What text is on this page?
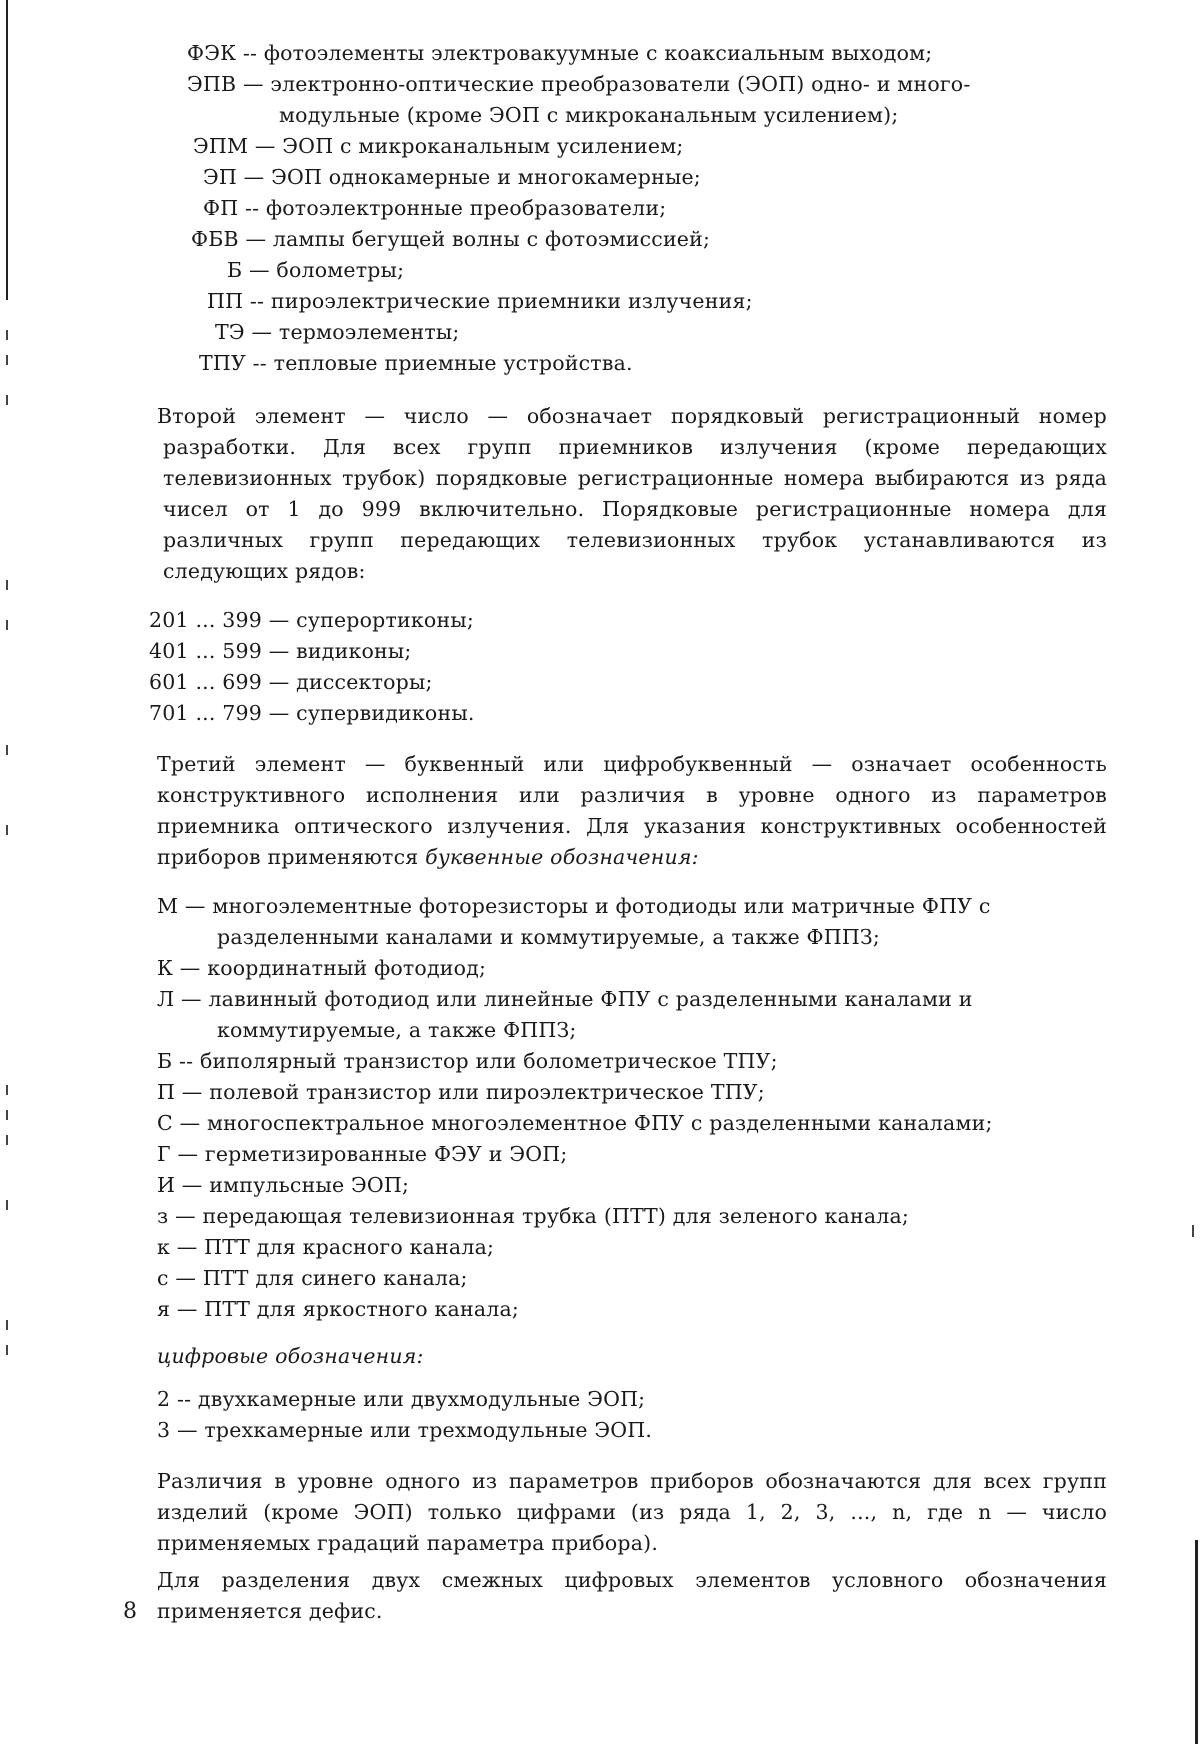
ФЭК -- фотоэлементы электровакуумные с коаксиальным выходом;
ЭПВ — электронно-оптические преобразователи (ЭОП) одно- и много-
модульные (кроме ЭОП с микроканальным усилением);
ЭПМ — ЭОП с микроканальным усилением;
ЭП — ЭОП однокамерные и многокамерные;
ФП -- фотоэлектронные преобразователи;
ФБВ — лампы бегущей волны с фотоэмиссией;
Б — болометры;
ПП -- пироэлектрические приемники излучения;
ТЭ — термоэлементы;
ТПУ -- тепловые приемные устройства.

Второй элемент — число — обозначает порядковый регистрационный номер разработки. Для всех групп приемников излучения (кроме передающих телевизионных трубок) порядковые регистрационные номера выбираются из ряда чисел от 1 до 999 включительно. Порядковые регистрационные номера для различных групп передающих телевизионных трубок устанавливаются из следующих рядов:

201 ... 399 — суперортиконы;
401 ... 599 — видиконы;
601 ... 699 — диссекторы;
701 ... 799 — супервидиконы.

Третий элемент — буквенный или цифробуквенный — означает особенность конструктивного исполнения или различия в уровне одного из параметров приемника оптического излучения. Для указания конструктивных особенностей приборов применяются буквенные обозначения:

М — многоэлементные фоторезисторы и фотодиоды или матричные ФПУ с
разделенными каналами и коммутируемые, а также ФППЗ;
К — координатный фотодиод;
Л — лавинный фотодиод или линейные ФПУ с разделенными каналами и
коммутируемые, а также ФППЗ;
Б -- биполярный транзистор или болометрическое ТПУ;
П — полевой транзистор или пироэлектрическое ТПУ;
С — многоспектральное многоэлементное ФПУ с разделенными каналами;
Г — герметизированные ФЭУ и ЭОП;
И — импульсные ЭОП;
з — передающая телевизионная трубка (ПТТ) для зеленого канала;
к — ПТТ для красного канала;
с — ПТТ для синего канала;
я — ПТТ для яркостного канала;
цифровые обозначения:
2 -- двухкамерные или двухмодульные ЭОП;
3 — трехкамерные или трехмодульные ЭОП.

Различия в уровне одного из параметров приборов обозначаются для всех групп изделий (кроме ЭОП) только цифрами (из ряда 1, 2, 3, ..., n, где n — число применяемых градаций параметра прибора).

Для разделения двух смежных цифровых элементов условного обозначения применяется дефис.

8
